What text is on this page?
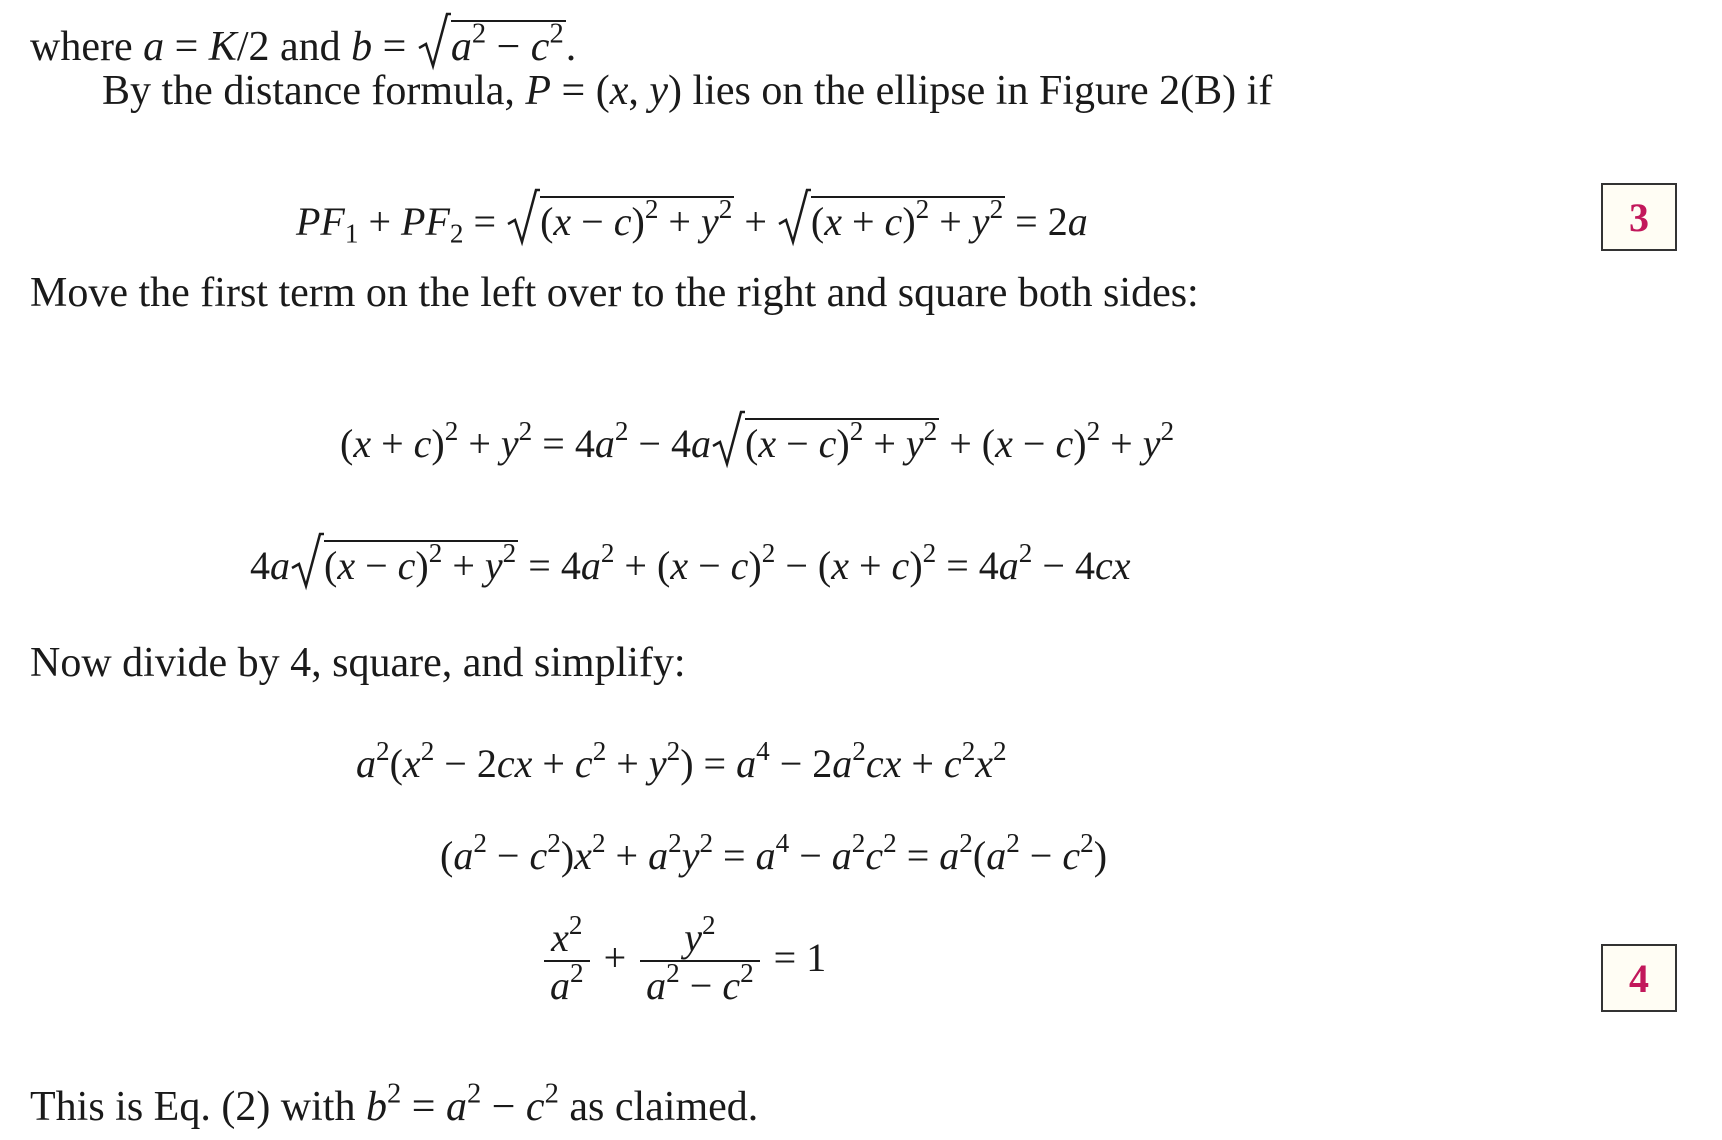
where a = K/2 and b =
$a^2 - c^2$.
By the distance formula, P = (x, y) lies on the ellipse in Figure 2(B) if
$PF_1 + PF_2$ =
$(x - c)^2 + y^2$ +
$(x + c)^2 + y^2 = 2a$	3
Move the first term on the left over to the right and square both sides:
$(x + c)^2 + y^2 = 4a^2 - 4a$ $(x - c)^2 + y^2 + (x - c)^2 + y^2$
4a $(x - c)^2 + y^2 = 4a^2 + (x - c)^2 - (x + c)^2 = 4a^2 - 4cx$
Now divide by 4, square, and simplify:
$a^2(x^2 - 2cx + c^2 + y^2) = a^4 - 2a^2cx + c^2x^2$
$(a^2 - c^2)x^2 + a^2y^2 = a^4 - a^2c^2 = a^2(a^2 - c^2)$
$\frac{x^2}{a^2} + \frac{y^2}{a^2 - c^2} = 1$	4
This is Eq. (2) with $b^2 = a^2 - c^2$ as claimed.
